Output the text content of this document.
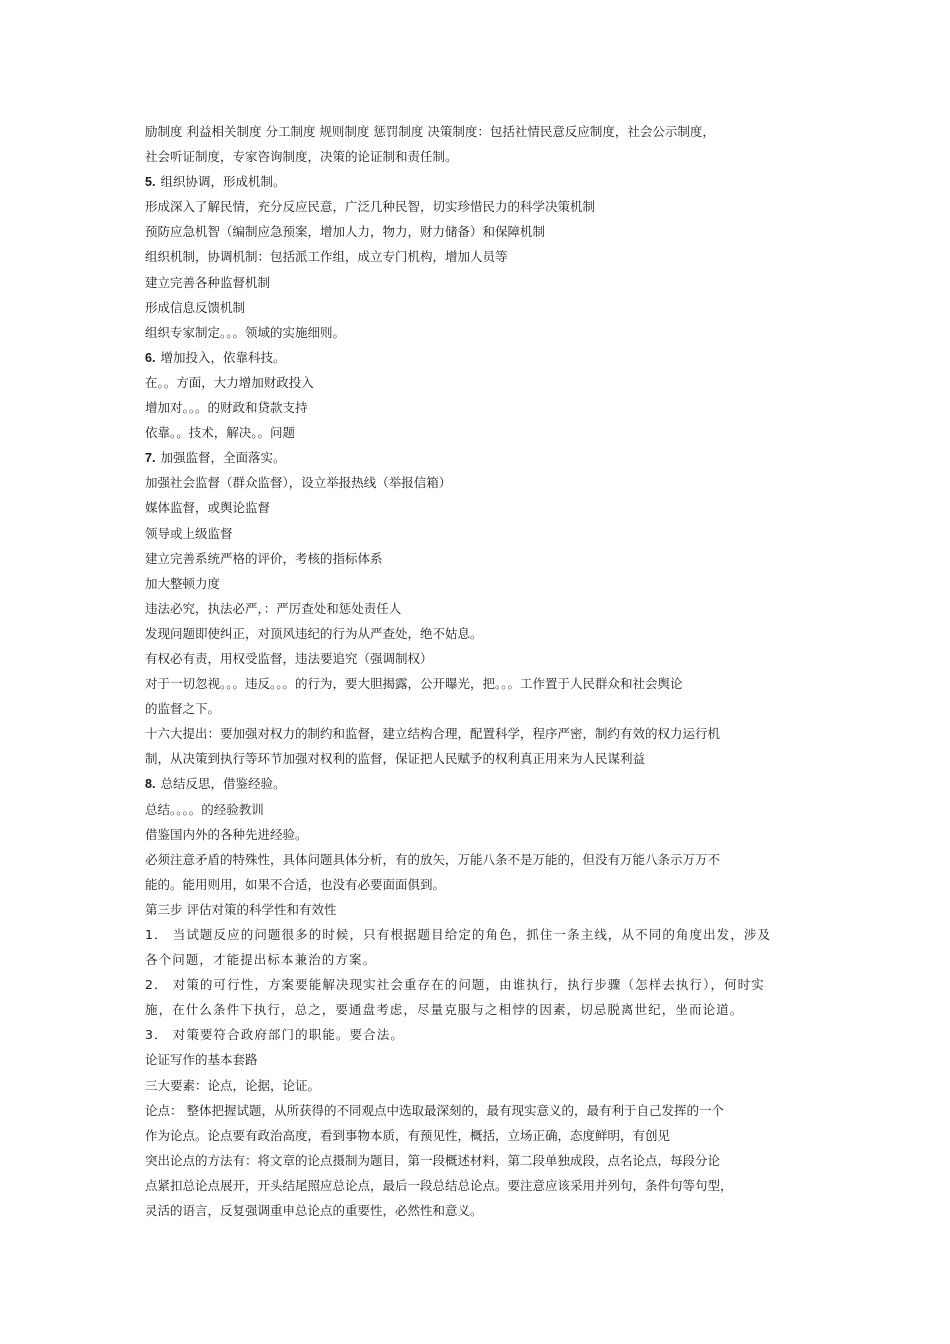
励制度 利益相关制度 分工制度 规则制度 惩罚制度 决策制度：包括社情民意反应制度，社会公示制度，
社会听证制度，专家咨询制度，决策的论证制和责任制。
5. 组织协调，形成机制。
形成深入了解民情，充分反应民意，广泛几种民智，切实珍惜民力的科学决策机制
预防应急机智（编制应急预案，增加人力，物力，财力储备）和保障机制
组织机制，协调机制：包括派工作组，成立专门机构，增加人员等
建立完善各种监督机制
形成信息反馈机制
组织专家制定。。。领域的实施细则。
6. 增加投入，依靠科技。
在。。方面，大力增加财政投入
增加对。。。的财政和贷款支持
依靠。。技术，解决。。问题
7. 加强监督，全面落实。
加强社会监督（群众监督），设立举报热线（举报信箱）
媒体监督，或舆论监督
领导或上级监督
建立完善系统严格的评价，考核的指标体系
加大整顿力度
违法必究，执法必严，：严厉查处和惩处责任人
发现问题即使纠正，对顶风违纪的行为从严查处，绝不姑息。
有权必有责，用权受监督，违法要追究（强调制权）
对于一切忽视。。。违反。。。的行为，要大胆揭露，公开曝光，把。。。工作置于人民群众和社会舆论
的监督之下。
十六大提出：要加强对权力的制约和监督，建立结构合理，配置科学，程序严密，制约有效的权力运行机
制，从决策到执行等环节加强对权利的监督，保证把人民赋予的权利真正用来为人民谋利益
8. 总结反思，借鉴经验。
总结。。。。的经验教训
借鉴国内外的各种先进经验。
必须注意矛盾的特殊性，具体问题具体分析，有的放矢，万能八条不是万能的，但没有万能八条示万万不
能的。能用则用，如果不合适，也没有必要面面俱到。
第三步 评估对策的科学性和有效性
1． 当试题反应的问题很多的时候，只有根据题目给定的角色，抓住一条主线，从不同的角度出发，涉及
各个问题，才能提出标本兼治的方案。
2． 对策的可行性，方案要能解决现实社会重存在的问题，由谁执行，执行步骤（怎样去执行），何时实
施，在什么条件下执行，总之，要通盘考虑，尽量克服与之相悖的因素，切忌脱离世纪，坐而论道。
3． 对策要符合政府部门的职能。要合法。
论证写作的基本套路
三大要素：论点，论据，论证。
论点： 整体把握试题，从所获得的不同观点中选取最深刻的，最有现实意义的，最有利于自己发挥的一个
作为论点。论点要有政治高度，看到事物本质，有预见性，概括，立场正确，态度鲜明，有创见
突出论点的方法有：将文章的论点摄制为题目，第一段概述材料，第二段单独成段，点名论点，每段分论
点紧扣总论点展开，开头结尾照应总论点，最后一段总结总论点。要注意应该采用并列句，条件句等句型，
灵活的语言，反复强调重申总论点的重要性，必然性和意义。
